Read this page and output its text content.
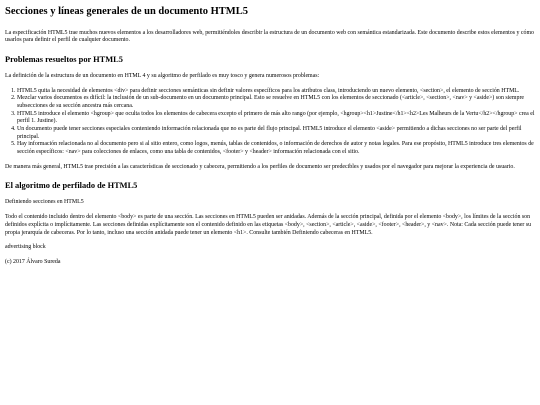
Secciones y líneas generales de un documento HTML5

La especificación HTML5 trae muchos nuevos elementos a los desarrolladores web, permitiéndoles describir la estructura de un documento web con semántica estandarizada. Este documento describe estos elementos y cómo usarlos para definir el perfil de cualquier documento.

Problemas resueltos por HTML5

La definición de la estructura de un documento en HTML 4 y su algoritmo de perfilado es muy tosco y genera numerosos problemas:

1. HTML5 quita la necesidad de elementos <div> para definir secciones semánticas sin definir valores específicos para los atributos class, introduciendo un nuevo elemento, <section>, el elemento de sección HTML.
2. Mezclar varios documentos es difícil: la inclusión de un sub-documento en un documento principal. Esto se resuelve en HTML5 con los elementos de seccionado (<article>, <section>, <nav> y <aside>) son siempre subsecciones de su sección ancestra más cercana.
3. HTML5 introduce el elemento <hgroup> que oculta todos los elementos de cabecera excepto el primero de más alto rango (por ejemplo, <hgroup><h1>Justine</h1><h2>Les Malheurs de la Vertu</h2></hgroup> crea el perfil 1. Justine).
4. Un documento puede tener secciones especiales conteniendo información relacionada que no es parte del flujo principal. HTML5 introduce el elemento <aside> permitiendo a dichas secciones no ser parte del perfil principal.
5. Hay información relacionada no al documento pero si al sitio entero, como logos, menús, tablas de contenidos, o información de derechos de autor y notas legales. Para ese propósito, HTML5 introduce tres elementos de sección específicos: <nav> para colecciones de enlaces, como una tabla de contenidos, <footer> y <header> información relacionada con el sitio.

De manera más general, HTML5 trae precisión a las características de seccionado y cabecera, permitiendo a los perfiles de documento ser predecibles y usados por el navegador para mejorar la experiencia de usuario.

El algoritmo de perfilado de HTML5

Definiendo secciones en HTML5

Todo el contenido incluido dentro del elemento <body> es parte de una sección. Las secciones en HTML5 pueden ser anidadas. Además de la sección principal, definida por el elemento <body>, los límites de la sección son definidos explícita o implícitamente. Las secciones definidas explícitamente son el contenido definido en las etiquetas <body>, <section>, <article>, <aside>, <footer>, <header>, y <nav>. Nota: Cada sección puede tener su propia jerarquía de cabeceras. Por lo tanto, incluso una sección anidada puede tener un elemento <h1>. Consulte también Definiendo cabeceras en HTML5.

advertising block

(c) 2017 Álvaro Sureda
